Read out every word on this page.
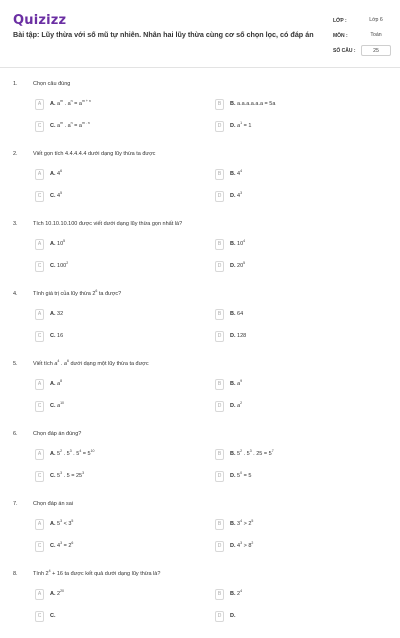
Quizizz
Bài tập: Lũy thừa với số mũ tự nhiên. Nhân hai lũy thừa cùng cơ số chọn lọc, có đáp án
LỚP :	Lớp 6
MÔN :	Toán
SỐ CÂU :	25
1.	Chọn câu đúng
A	A. $a^m$ . $a^n = a^{m + n}$	B	B. a.a.a.a.a.a = 5a
C	C. $a^m$ . $a^n = a^{m . n}$	D	D. $a^1 = 1$
2.	Viết gọn tích 4.4.4.4.4 dưới dạng lũy thừa ta được
A	A. $4^6$	B	B. $4^4$
C	C. $4^5$	D	D. $4^3$
3.	Tích 10.10.10.100 được viết dưới dạng lũy thừa gọn nhất là?
A	A. $10^5$	B	B. $10^4$
C	C. $100^2$	D	D. $20^5$
4.	Tính giá trị của lũy thừa $2^6$ ta được?
A	A. 32	B	B. 64
C	C. 16	D	D. 128
5.	Viết tích $a^4$ . $a^6$ dưới dạng một lũy thừa ta được
A	A. $a^8$	B	B. $a^9$
C	C. $a^{10}$	D	D. $a^2$
6.	Chọn đáp án đúng?
A	A. $5^2$ . $5^3$ . $5^4 = 5^{10}$	B	B. $5^2$ . $5^3$ . $25 = 5^7$
C	C. $5^3$ . $5 = 25^3$	D	D. $5^0 = 5$
7.	Chọn đáp án sai
A	A. $5^3 < 3^5$	B	B. $3^4 > 2^5$
C	C. $4^3 = 2^6$	D	D. $4^3 > 8^2$
8.	Tính $2^4 + 16$ ta được kết quả dưới dạng lũy thừa là?
A	A. $2^{20}$	B	B. $2^4$
C	C.	D	D.
